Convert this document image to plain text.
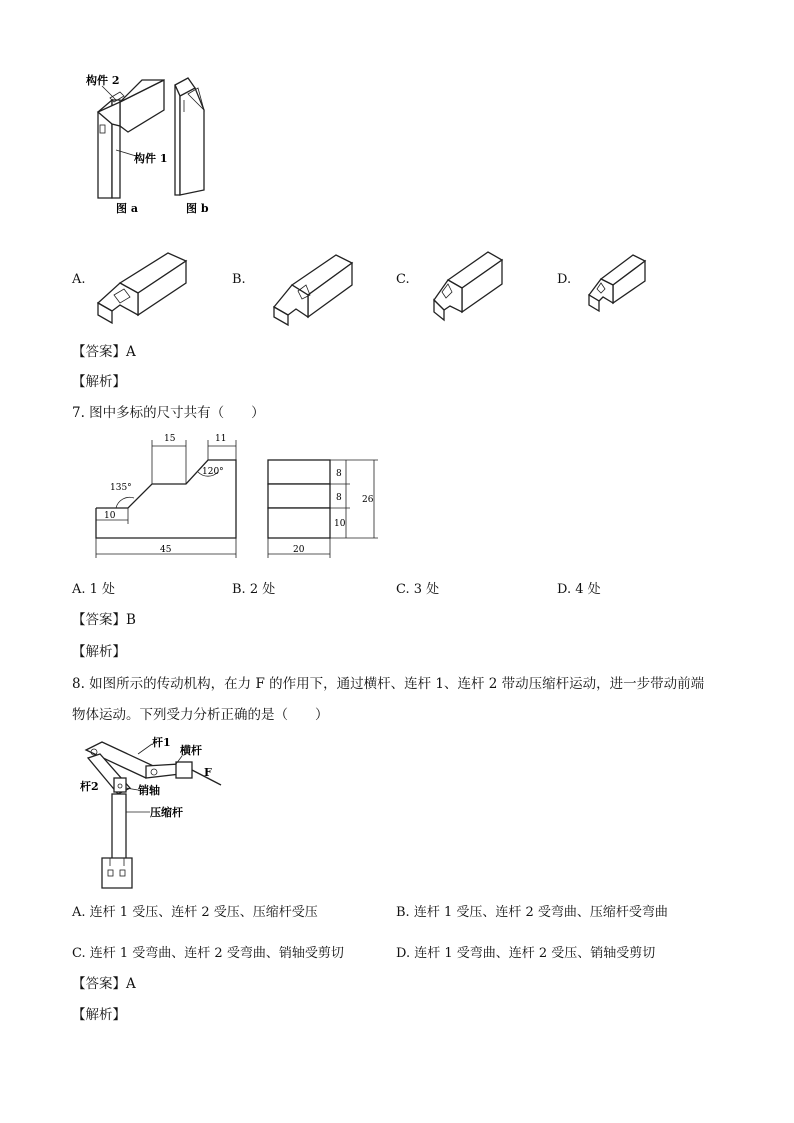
构件 2
构件 1
图 a	图 b
A.	B.	C.	D.
【答案】A
【解析】
7. 图中多标的尺寸共有（　　）
15	11
120°
135°
10
45
8
8
10
26
20
A. 1 处	B. 2 处	C. 3 处	D. 4 处
【答案】B
【解析】
8. 如图所示的传动机构，在力 F 的作用下，通过横杆、连杆 1、连杆 2 带动压缩杆运动，进一步带动前端
物体运动。下列受力分析正确的是（　　）
杆1
横杆
杆2	销轴
压缩杆
F
A. 连杆 1 受压、连杆 2 受压、压缩杆受压	B. 连杆 1 受压、连杆 2 受弯曲、压缩杆受弯曲
C. 连杆 1 受弯曲、连杆 2 受弯曲、销轴受剪切	D. 连杆 1 受弯曲、连杆 2 受压、销轴受剪切
【答案】A
【解析】
